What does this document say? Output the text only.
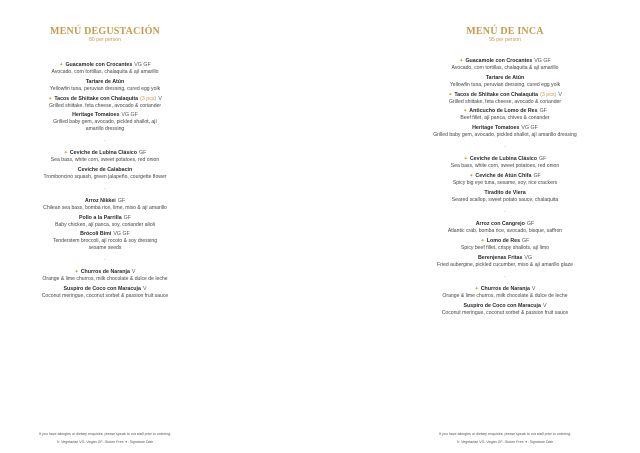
MENÚ DEGUSTACIÓN
80 per person
✦ Guacamole con Crocantes VG GF
Avocado, corn tortillas, chalaquita & ají amarillo
Tartare de Atún
Yellowfin tuna, peruvian dressing, cured egg yolk
✦ Tacos de Shiitake con Chalaquita (3 pcs) V
Grilled shiitake, feta cheese, avocado & coriander
Heritage Tomatoes VG GF
Grilled baby gem, avocado, pickled shallot, ají
amarillo dressing
-
✦ Ceviche de Lubina Clásico GF
Sea bass, white corn, sweet potatoes, red onion
Ceviche de Calabacin
Tromboncino squash, green jalapeño, courgette flower
-
Arroz Nikkei GF
Chilean sea bass, bomba rice, lime, miso & ají amarillo
Pollo a la Parrilla GF
Baby chicken, ají panca, soy, coriander alioli
Brócoli Bimi VG GF
Tenderstem broccoli, ají rocoto & soy dressing
sesame seeds
-
✦ Churros de Naranja V
Orange & lime churros, milk chocolate & dulce de leche
Suspiro de Coco con Maracuja V
Coconut meringue, coconut sorbet & passion fruit sauce
If you have allergies or dietary enquiries, please speak to our staff prior to ordering.
V: Vegetarian VG: Vegan GF: Gluten Free ✦: Signature Dish
MENÚ DE INCA
95 per person
✦ Guacamole con Crocantes VG GF
Avocado, corn tortillas, chalaquita & ají amarillo
Tartare de Atún
Yellowfin tuna, peruvian dressing, cured egg yolk
✦ Tacos de Shiitake con Chalaquita (3 pcs) V
Grilled shiitake, feta cheese, avocado & coriander
✦ Anticucho de Lomo de Res GF
Beef fillet, ají panca, chives & coriander
Heritage Tomatoes VG GF
Grilled baby gem, avocado, pickled shallot, ají amarillo dressing
-
✦ Ceviche de Lubina Clásico GF
Sea bass, white corn, sweet potatoes, red onion
✦ Ceviche de Atún Chifa GF
Spicy big eye tuna, sesame, soy, rice crackers
Tiradito de Viera
Seared scallop, sweet potato sauce, chalaquita
-
Arroz con Cangrejo GF
Atlantic crab, bomba rice, avocado, bisque, saffron
✦ Lomo de Res GF
Spicy beef fillet, crispy shallots, ají limo
Berenjenas Fritas VG
Fried aubergine, pickled cucumber, miso & ají amarillo glaze
-
✦ Churros de Naranja V
Orange & lime churros, milk chocolate & dulce de leche
Suspiro de Coco con Maracuja V
Coconut meringue, coconut sorbet & passion fruit sauce
If you have allergies or dietary enquiries, please speak to our staff prior to ordering.
V: Vegetarian VG: Vegan GF: Gluten Free ✦: Signature Dish
